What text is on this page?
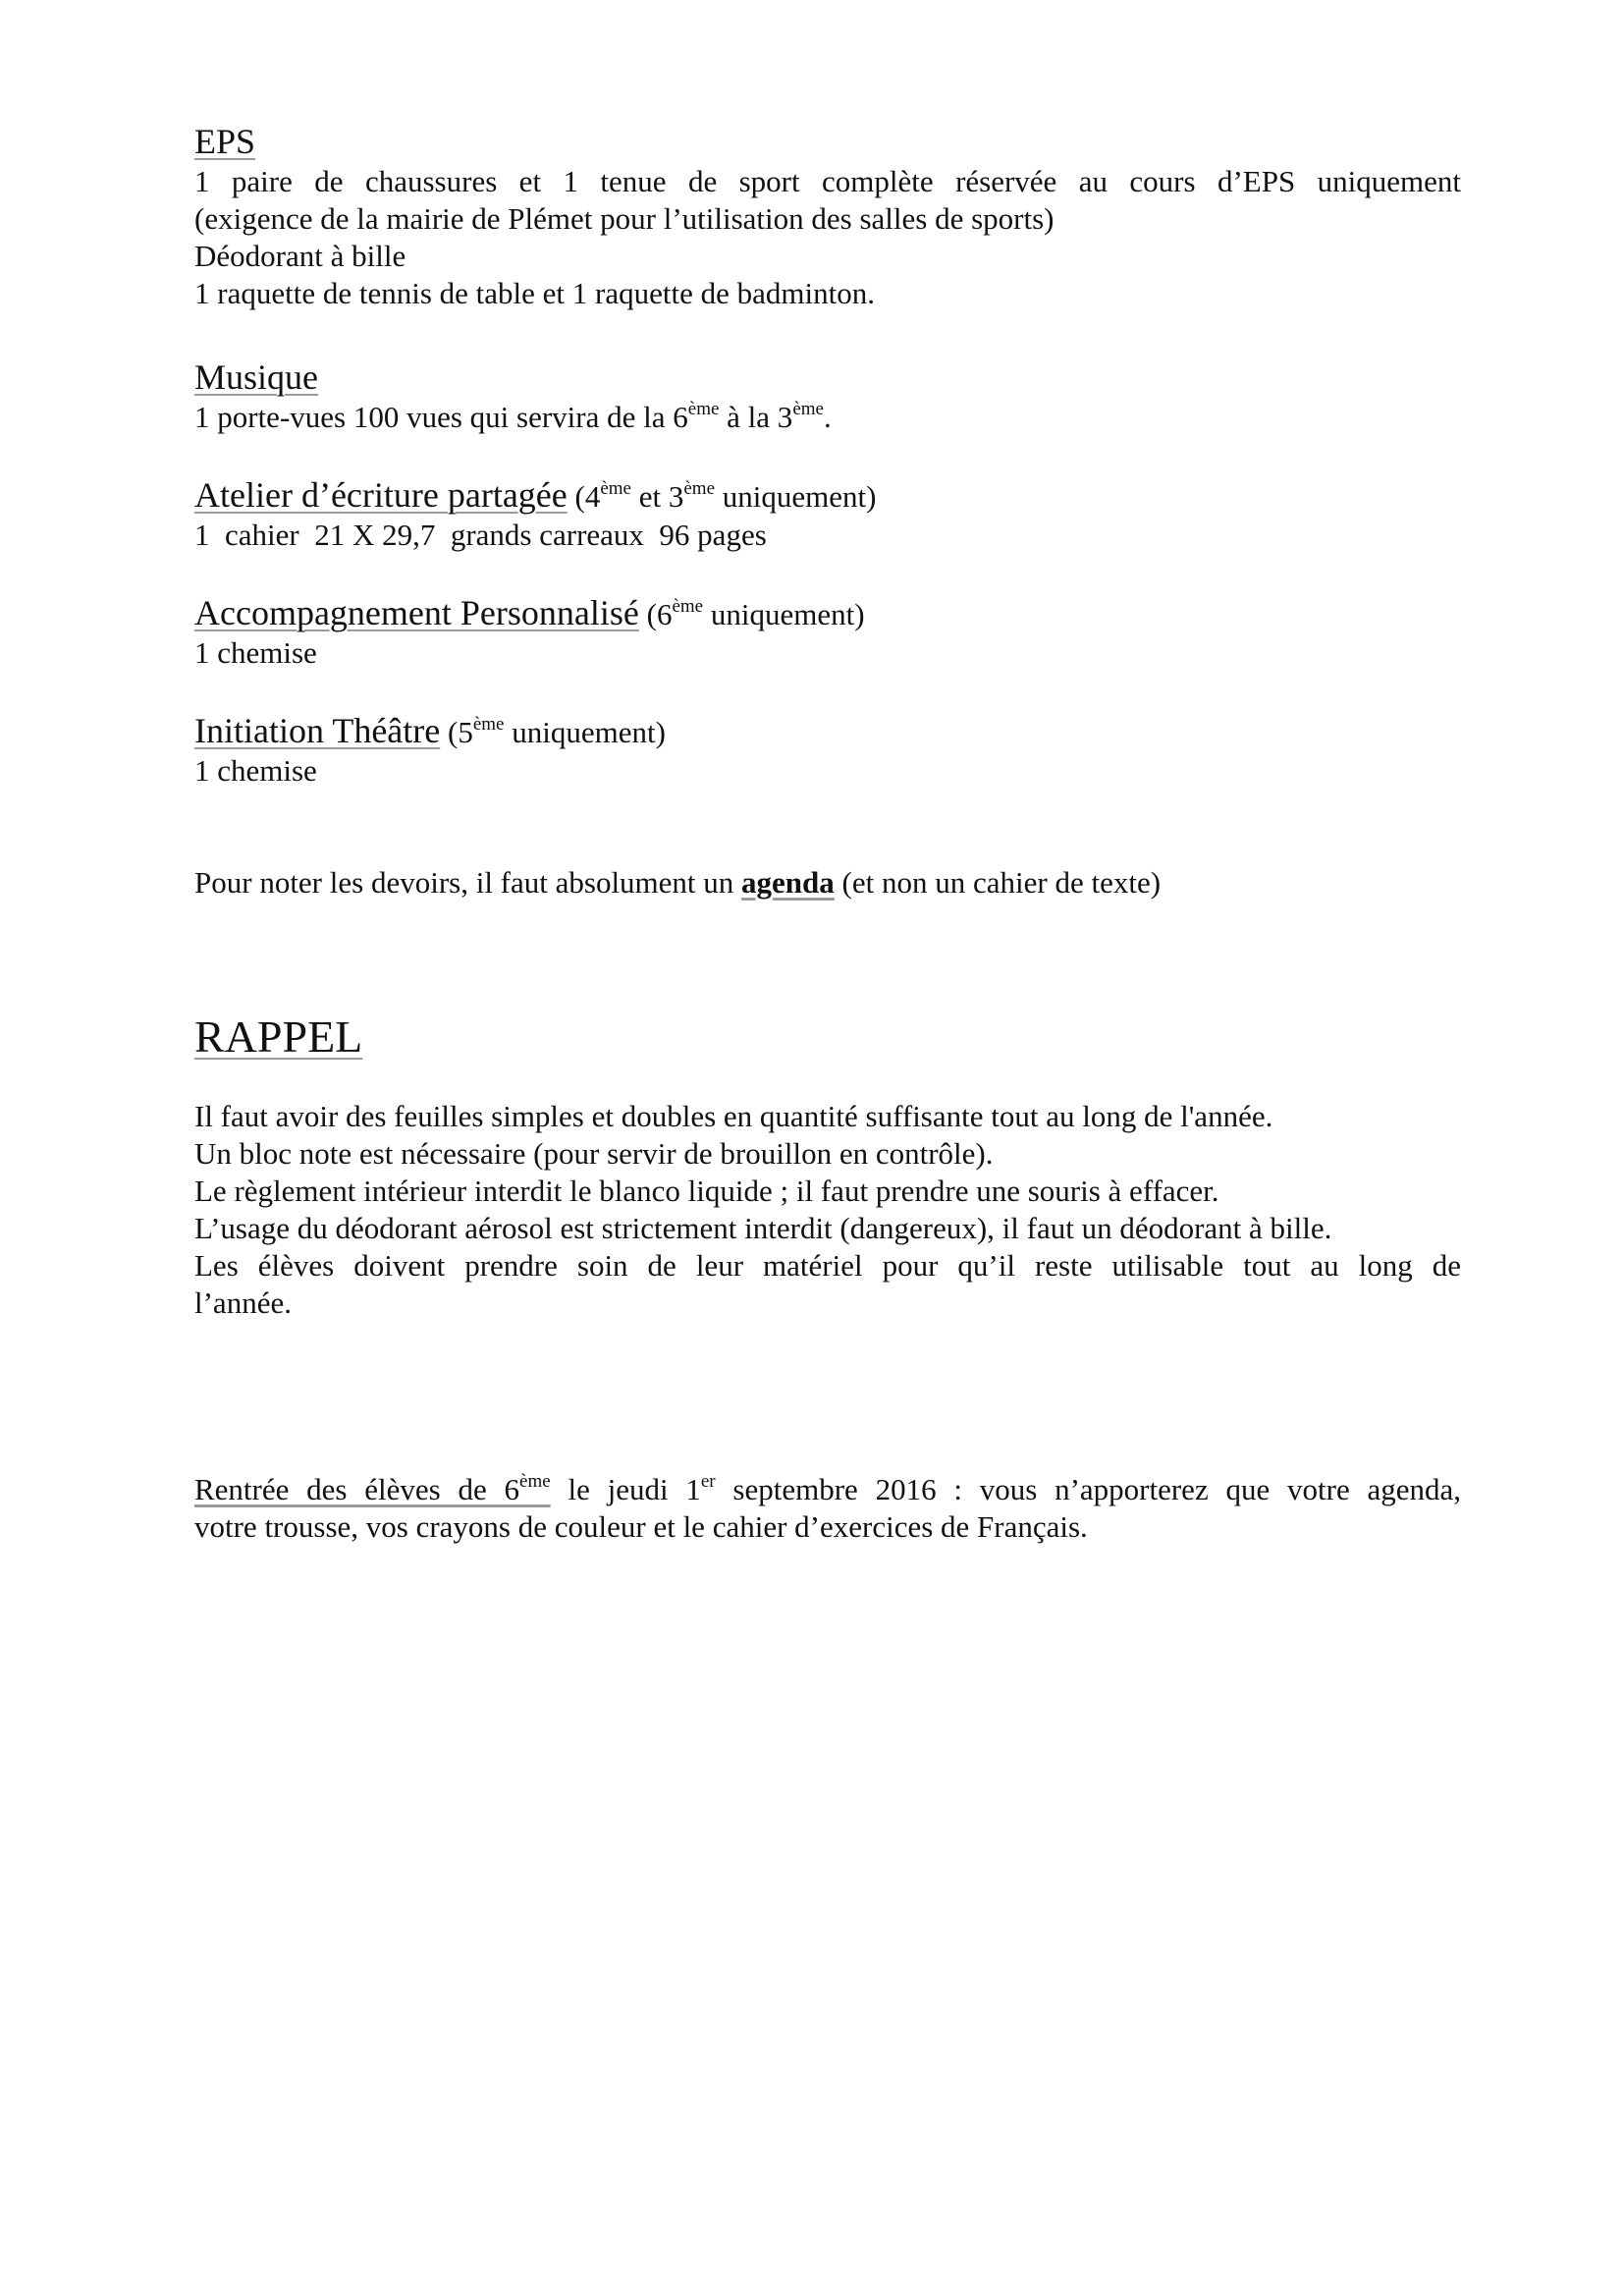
EPS
1 paire de chaussures et 1 tenue de sport complète réservée au cours d’EPS uniquement
(exigence de la mairie de Plémet pour l’utilisation des salles de sports)
Déodorant à bille
1 raquette de tennis de table et 1 raquette de badminton.
Musique
1 porte-vues 100 vues qui servira de la 6ème à la 3ème.
Atelier d’écriture partagée (4ème et 3ème uniquement)
1  cahier  21 X 29,7  grands carreaux  96 pages
Accompagnement Personnalisé (6ème uniquement)
1 chemise
Initiation Théâtre (5ème uniquement)
1 chemise
Pour noter les devoirs, il faut absolument un agenda (et non un cahier de texte)
RAPPEL
Il faut avoir des feuilles simples et doubles en quantité suffisante tout au long de l'année.
Un bloc note est nécessaire (pour servir de brouillon en contrôle).
Le règlement intérieur interdit le blanco liquide ; il faut prendre une souris à effacer.
L’usage du déodorant aérosol est strictement interdit (dangereux), il faut un déodorant à bille.
Les élèves doivent prendre soin de leur matériel pour qu’il reste utilisable tout au long de
l’année.
Rentrée des élèves de 6ème le jeudi 1er septembre 2016 : vous n’apporterez que votre agenda,
votre trousse, vos crayons de couleur et le cahier d’exercices de Français.
